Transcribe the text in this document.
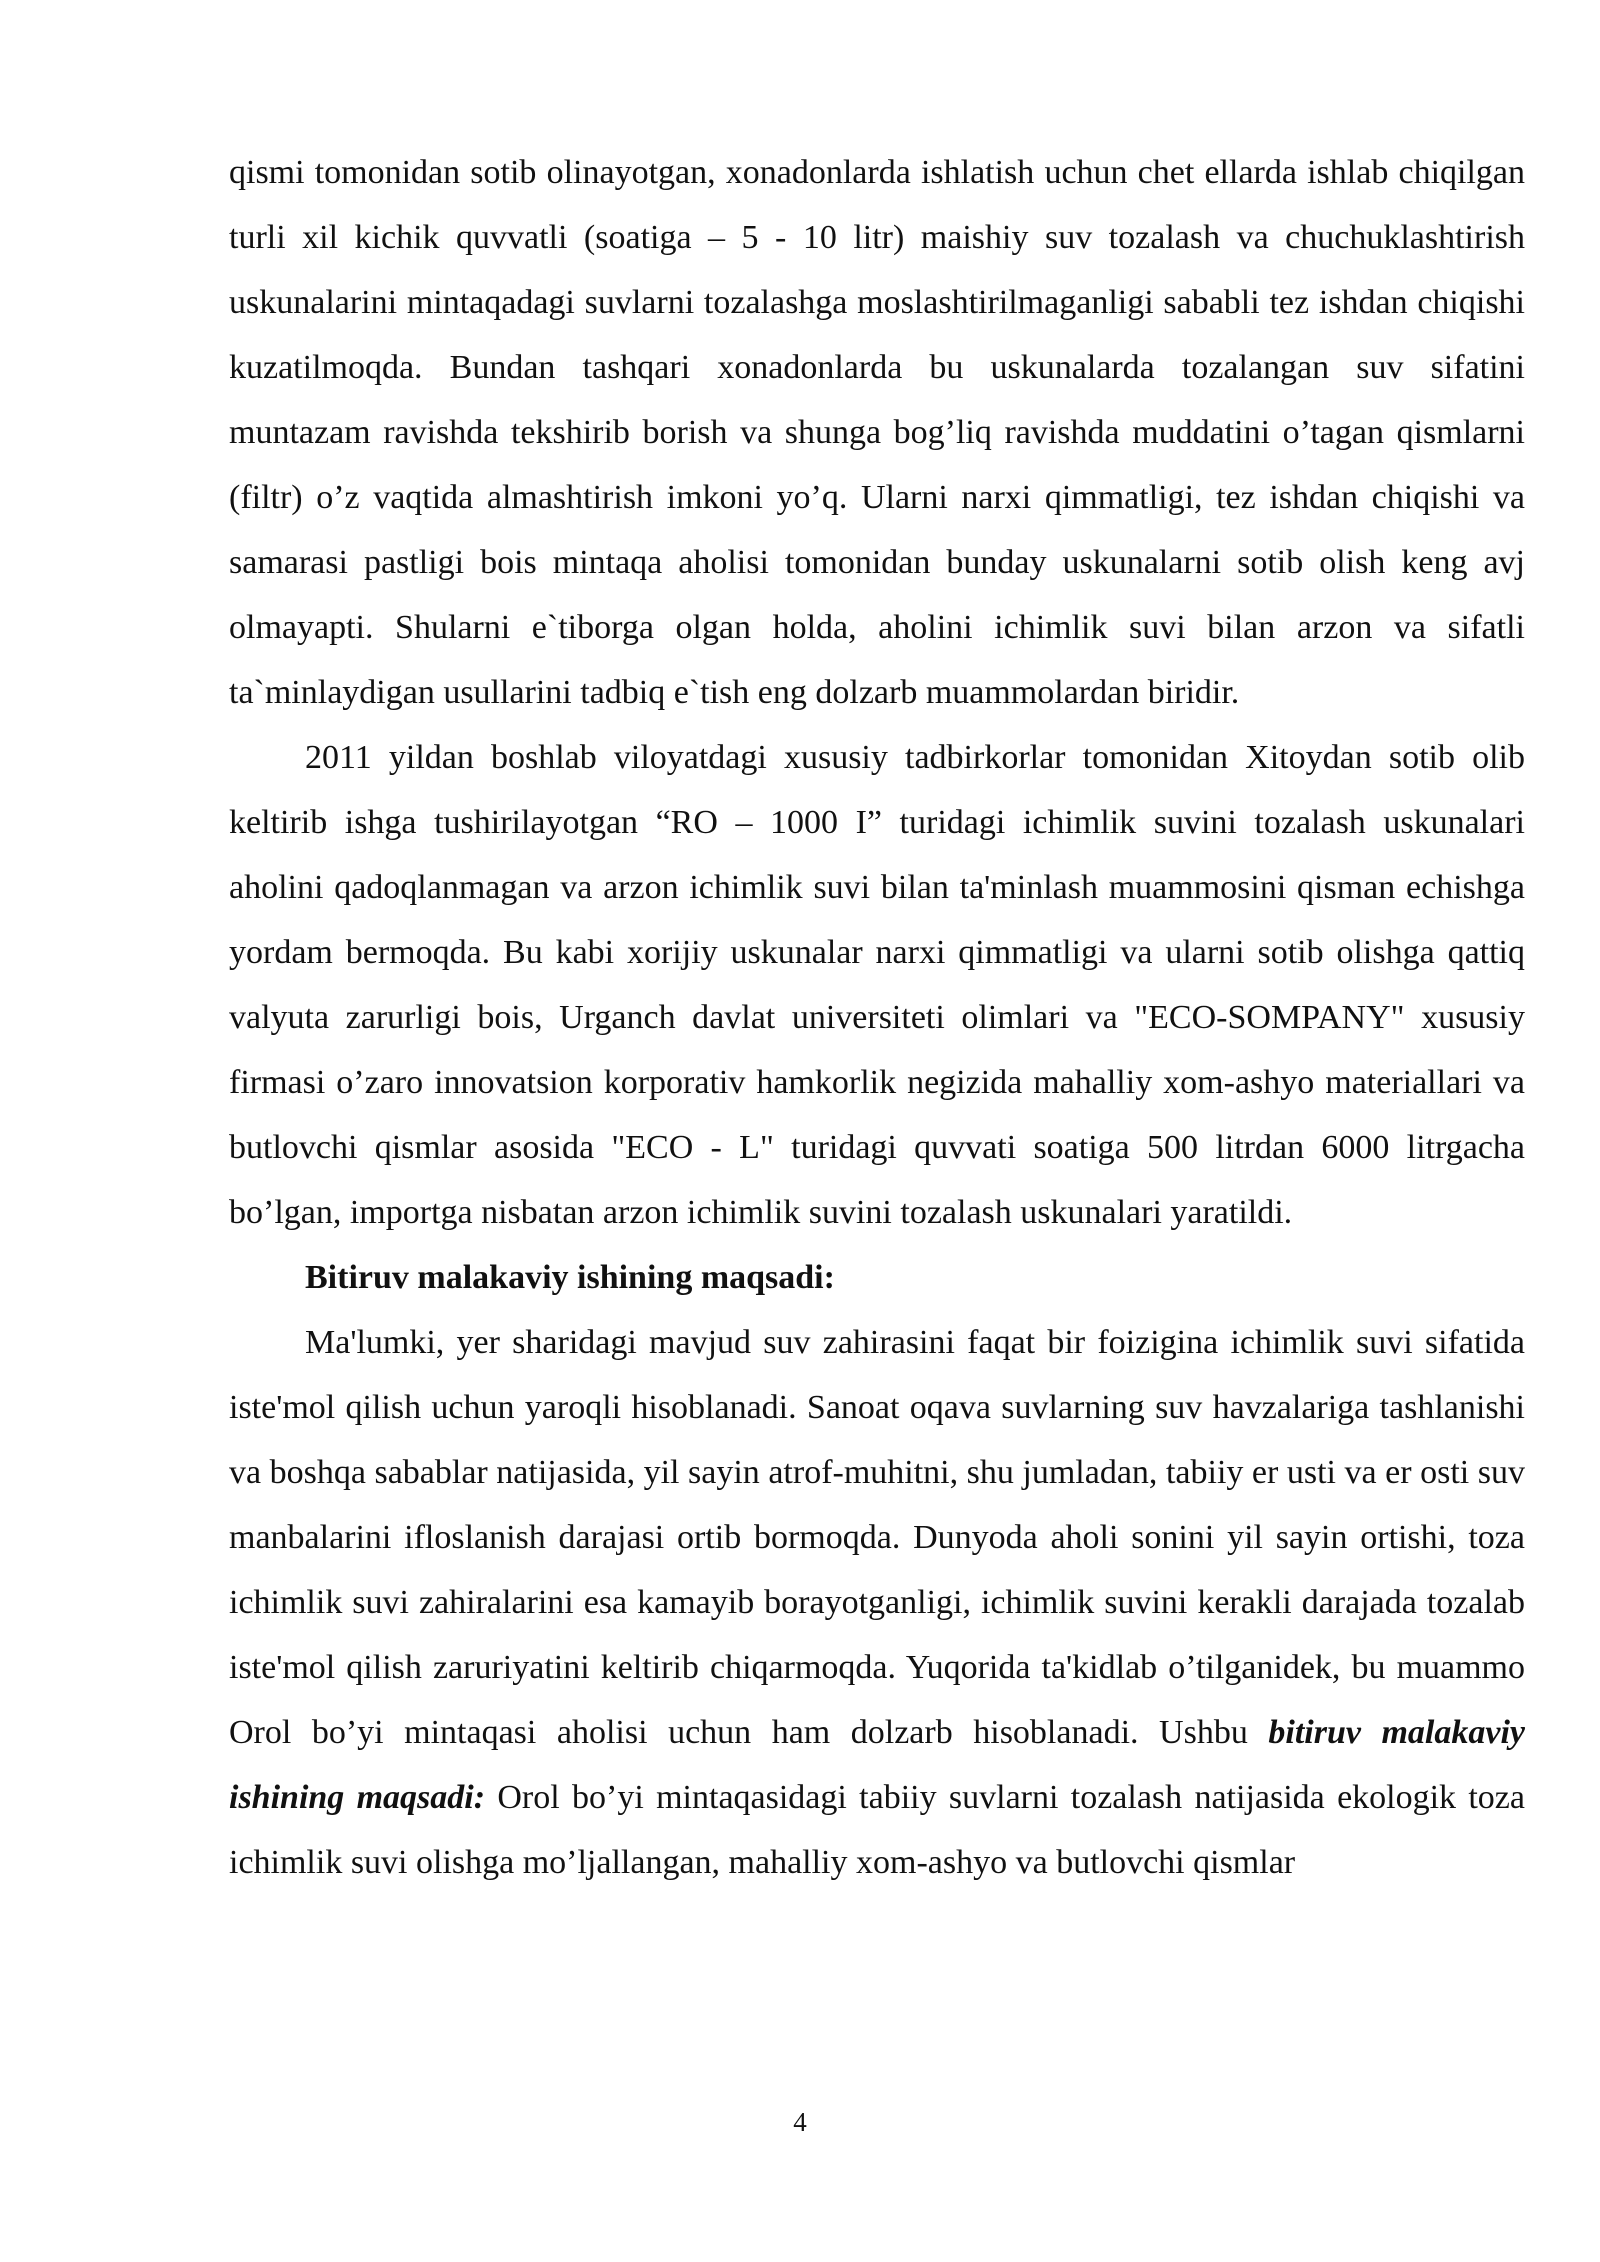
qismi tomonidan sotib olinayotgan, xonadonlarda ishlatish uchun chet ellarda ishlab chiqilgan turli xil kichik quvvatli (soatiga – 5 - 10 litr) maishiy suv tozalash va chuchuklashtirish uskunalarini mintaqadagi suvlarni tozalashga moslashtirilmaganligi sababli tez ishdan chiqishi kuzatilmoqda. Bundan tashqari xonadonlarda bu uskunalarda tozalangan suv sifatini muntazam ravishda tekshirib borish va shunga bog’liq ravishda muddatini o’tagan qismlarni (filtr) o’z vaqtida almashtirish imkoni yo’q. Ularni narxi qimmatligi, tez ishdan chiqishi va samarasi pastligi bois mintaqa aholisi tomonidan bunday uskunalarni sotib olish keng avj olmayapti. Shularni e`tiborga olgan holda, aholini ichimlik suvi bilan arzon va sifatli ta`minlaydigan usullarini tadbiq e`tish eng dolzarb muammolardan biridir.

2011 yildan boshlab viloyatdagi xususiy tadbirkorlar tomonidan Xitoydan sotib olib keltirib ishga tushirilayotgan “RO – 1000 I” turidagi ichimlik suvini tozalash uskunalari aholini qadoqlanmagan va arzon ichimlik suvi bilan ta'minlash muammosini qisman echishga yordam bermoqda. Bu kabi xorijiy uskunalar narxi qimmatligi va ularni sotib olishga qattiq valyuta zarurligi bois, Urganch davlat universiteti olimlari va "ECO-SOMPANY" xususiy firmasi o’zaro innovatsion korporativ hamkorlik negizida mahalliy xom-ashyo materiallari va butlovchi qismlar asosida "ECO - L" turidagi quvvati soatiga 500 litrdan 6000 litrgacha bo’lgan, importga nisbatan arzon ichimlik suvini tozalash uskunalari yaratildi.

Bitiruv malakaviy ishining maqsadi:

Ma'lumki, yer sharidagi mavjud suv zahirasini faqat bir foizigina ichimlik suvi sifatida iste'mol qilish uchun yaroqli hisoblanadi. Sanoat oqava suvlarning suv havzalariga tashlanishi va boshqa sabablar natijasida, yil sayin atrof-muhitni, shu jumladan, tabiiy er usti va er osti suv manbalarini ifloslanish darajasi ortib bormoqda. Dunyoda aholi sonini yil sayin ortishi, toza ichimlik suvi zahiralarini esa kamayib borayotganligi, ichimlik suvini kerakli darajada tozalab iste'mol qilish zaruriyatini keltirib chiqarmoqda. Yuqorida ta'kidlab o’tilganidek, bu muammo Orol bo’yi mintaqasi aholisi uchun ham dolzarb hisoblanadi. Ushbu bitiruv malakaviy ishining maqsadi: Orol bo’yi mintaqasidagi tabiiy suvlarni tozalash natijasida ekologik toza ichimlik suvi olishga mo’ljallangan, mahalliy xom-ashyo va butlovchi qismlar

4
